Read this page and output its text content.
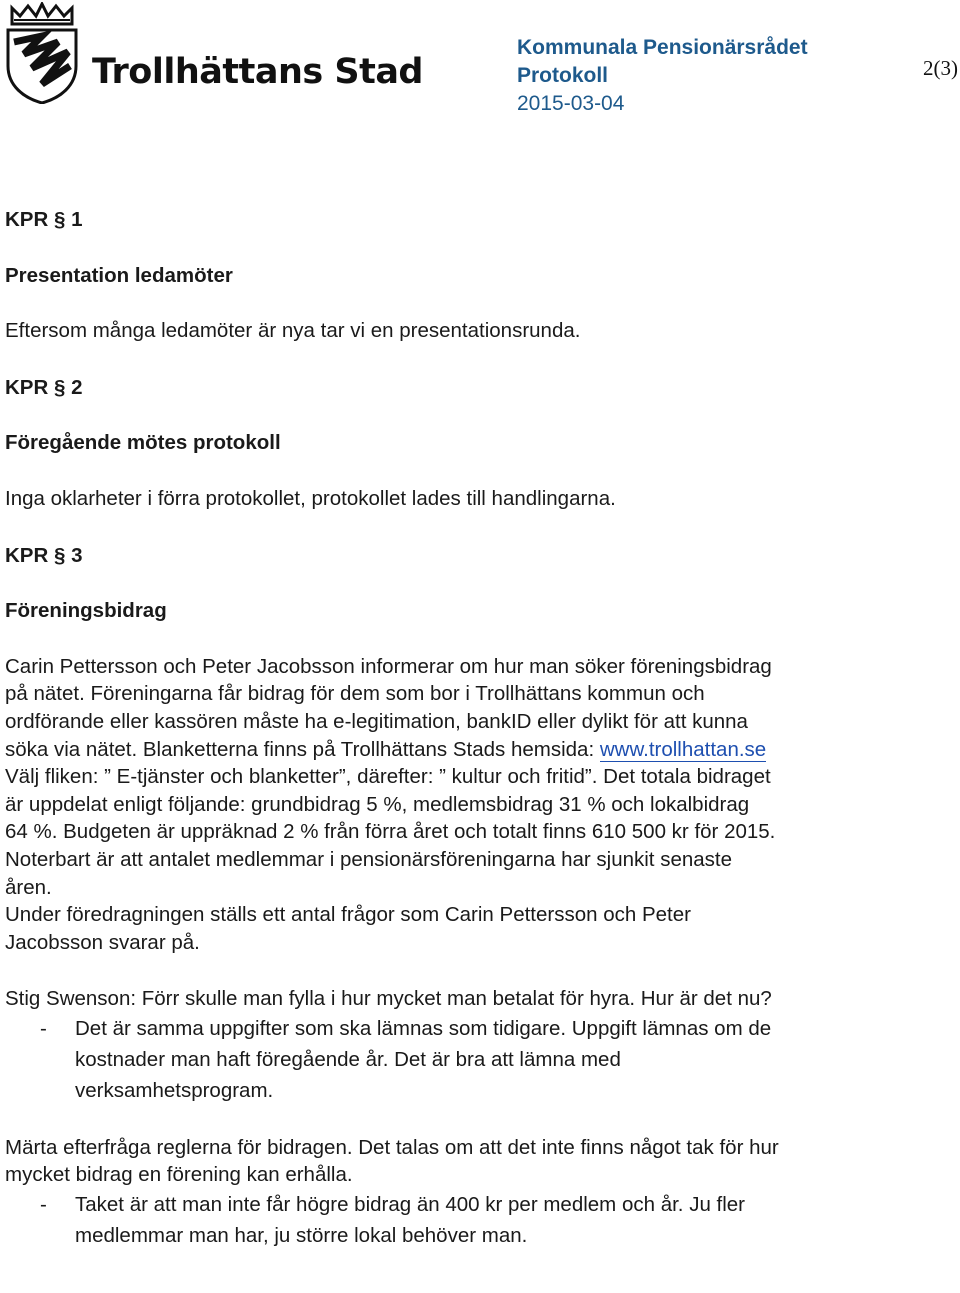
Trollhättans Stad
Kommunala Pensionärsrådet
Protokoll
2015-03-04
2(3)
KPR § 1
Presentation ledamöter

Eftersom många ledamöter är nya tar vi en presentationsrunda.

KPR § 2
Föregående mötes protokoll

Inga oklarheter i förra protokollet, protokollet lades till handlingarna.

KPR § 3
Föreningsbidrag
Carin Pettersson och Peter Jacobsson informerar om hur man söker föreningsbidrag
på nätet. Föreningarna får bidrag för dem som bor i Trollhättans kommun och
ordförande eller kassören måste ha e-legitimation, bankID eller dylikt för att kunna
söka via nätet. Blanketterna finns på Trollhättans Stads hemsida: www.trollhattan.se
Välj fliken: ” E-tjänster och blanketter”, därefter: ” kultur och fritid”. Det totala bidraget
är uppdelat enligt följande: grundbidrag 5 %, medlemsbidrag 31 % och lokalbidrag
64 %. Budgeten är uppräknad 2 % från förra året och totalt finns 610 500 kr för 2015.
Noterbart är att antalet medlemmar i pensionärsföreningarna har sjunkit senaste
åren.
Under föredragningen ställs ett antal frågor som Carin Pettersson och Peter
Jacobsson svarar på.
Stig Swenson: Förr skulle man fylla i hur mycket man betalat för hyra. Hur är det nu?
- Det är samma uppgifter som ska lämnas som tidigare. Uppgift lämnas om de
kostnader man haft föregående år. Det är bra att lämna med
verksamhetsprogram.
Märta efterfråga reglerna för bidragen. Det talas om att det inte finns något tak för hur
mycket bidrag en förening kan erhålla.
- Taket är att man inte får högre bidrag än 400 kr per medlem och år. Ju fler
medlemmar man har, ju större lokal behöver man.
